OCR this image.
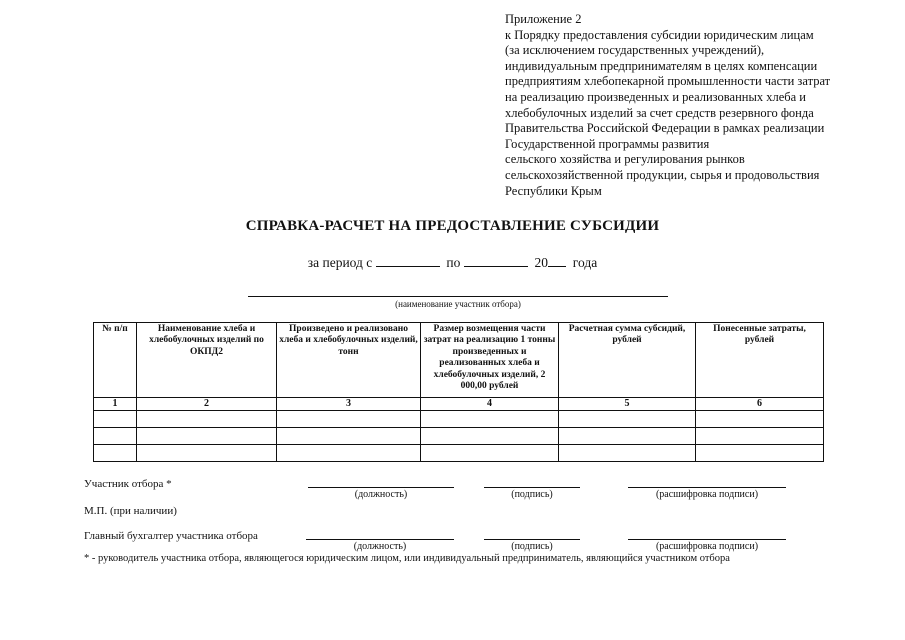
Приложение 2
к Порядку предоставления субсидии юридическим лицам
(за исключением государственных учреждений),
индивидуальным предпринимателям в целях компенсации
предприятиям хлебопекарной промышленности части затрат
на реализацию произведенных и реализованных хлеба и
хлебобулочных изделий за счет средств резервного фонда
Правительства Российской Федерации в рамках реализации
Государственной программы развития
сельского хозяйства и регулирования рынков
сельскохозяйственной продукции, сырья и продовольствия
Республики Крым
СПРАВКА-РАСЧЕТ НА ПРЕДОСТАВЛЕНИЕ СУБСИДИИ
за период с	по	20 года
(наименование участник отбора)
№ п/п	Наименование хлеба и хлебобулочных изделий по ОКПД2	Произведено и реализовано хлеба и хлебобулочных изделий, тонн	Размер возмещения части затрат на реализацию 1 тонны произведенных и реализованных хлеба и хлебобулочных изделий, 2 000,00 рублей	Расчетная сумма субсидий, рублей	Понесенные затраты, рублей
1	2	3	4	5	6

Участник отбора *
(должность)	(подпись)	(расшифровка подписи)
М.П. (при наличии)
Главный бухгалтер участника отбора
(должность)	(подпись)	(расшифровка подписи)
* - руководитель участника отбора, являющегося юридическим лицом, или индивидуальный предприниматель, являющийся участником отбора
